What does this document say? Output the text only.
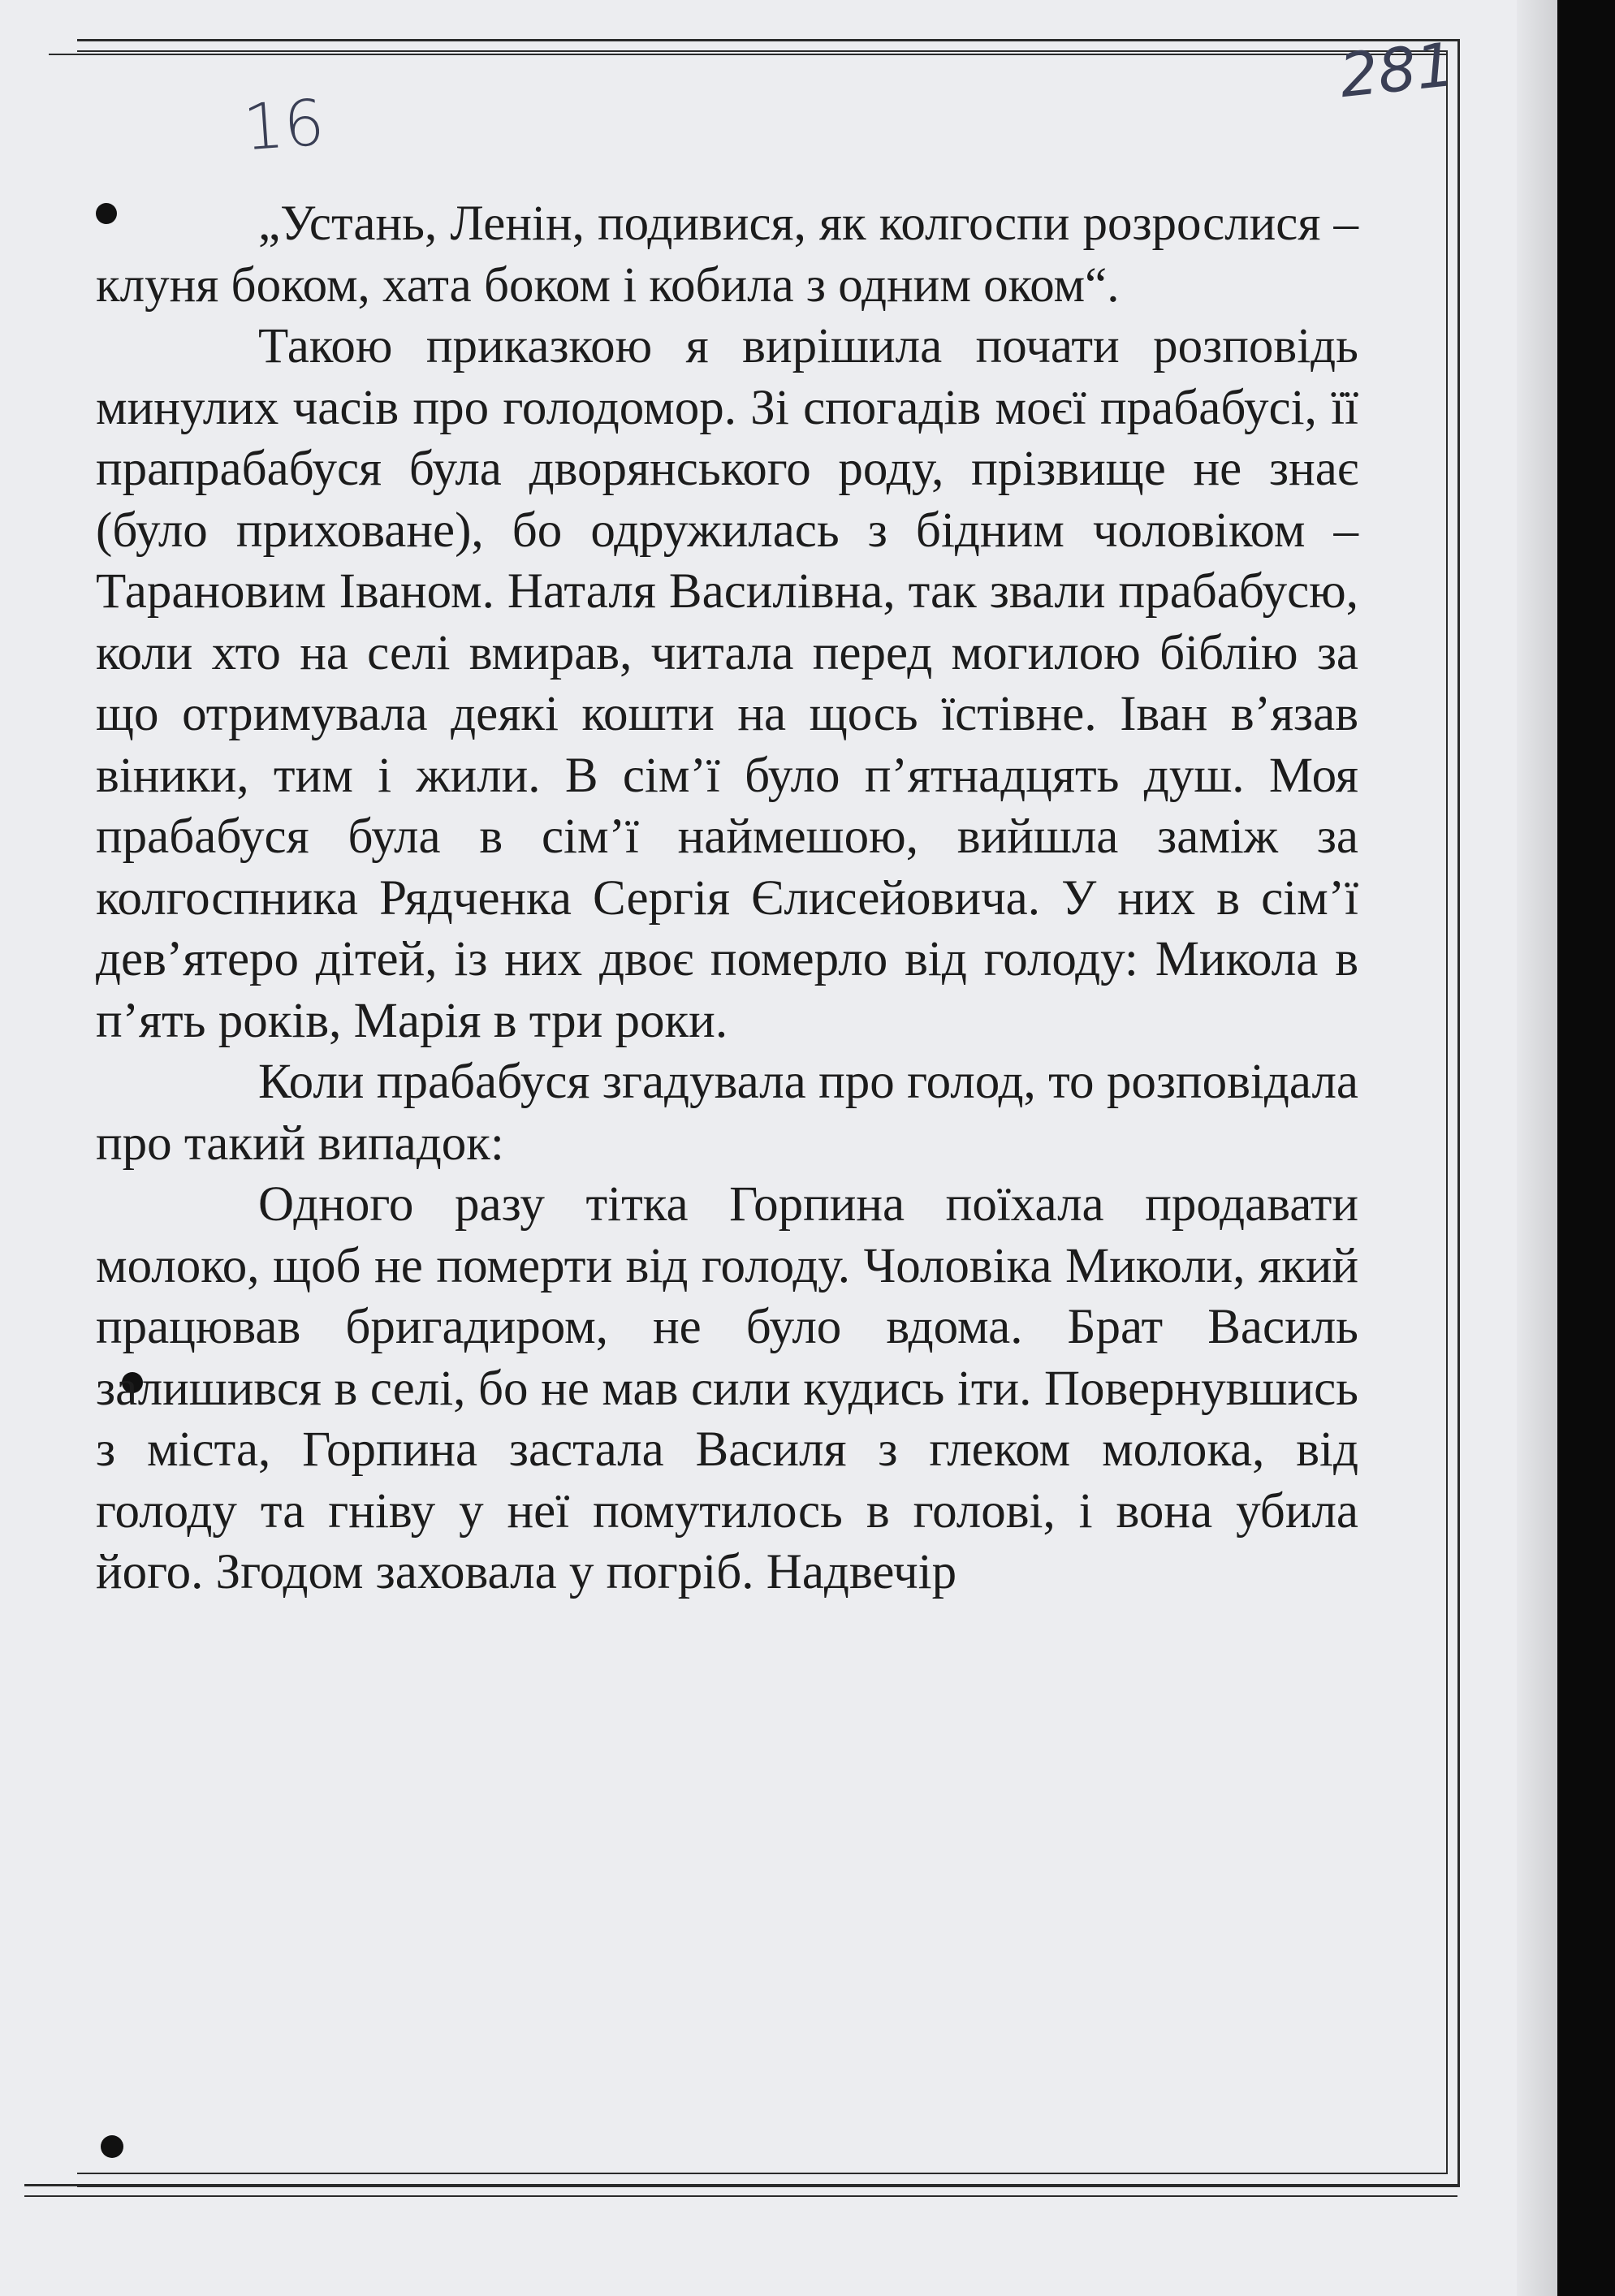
16
281

„Устань, Ленін, подивися, як колгоспи розрослися – клуня боком, хата боком і кобила з одним оком“.

Такою приказкою я вирішила почати розповідь минулих часів про голодомор. Зі спогадів моєї прабабусі, її прапрабабуся була дворянського роду, прізвище не знає (було приховане), бо одружилась з бідним чоловіком – Тарановим Іваном. Наталя Василівна, так звали прабабусю, коли хто на селі вмирав, читала перед могилою біблію за що отримувала деякі кошти на щось їстівне. Іван в’язав віники, тим і жили. В сім’ї було п’ятнадцять душ. Моя прабабуся була в сім’ї наймешою, вийшла заміж за колгоспника Рядченка Сергія Єлисейовича. У них в сім’ї дев’ятеро дітей, із них двоє померло від голоду: Микола в п’ять років, Марія в три роки.

Коли прабабуся згадувала про голод, то розповідала про такий випадок:

Одного разу тітка Горпина поїхала продавати молоко, щоб не померти від голоду. Чоловіка Миколи, який працював бригадиром, не було вдома. Брат Василь залишився в селі, бо не мав сили кудись іти. Повернувшись з міста, Горпина застала Василя з глеком молока, від голоду та гніву у неї помутилось в голові, і вона убила його. Згодом заховала у погріб. Надвечір
